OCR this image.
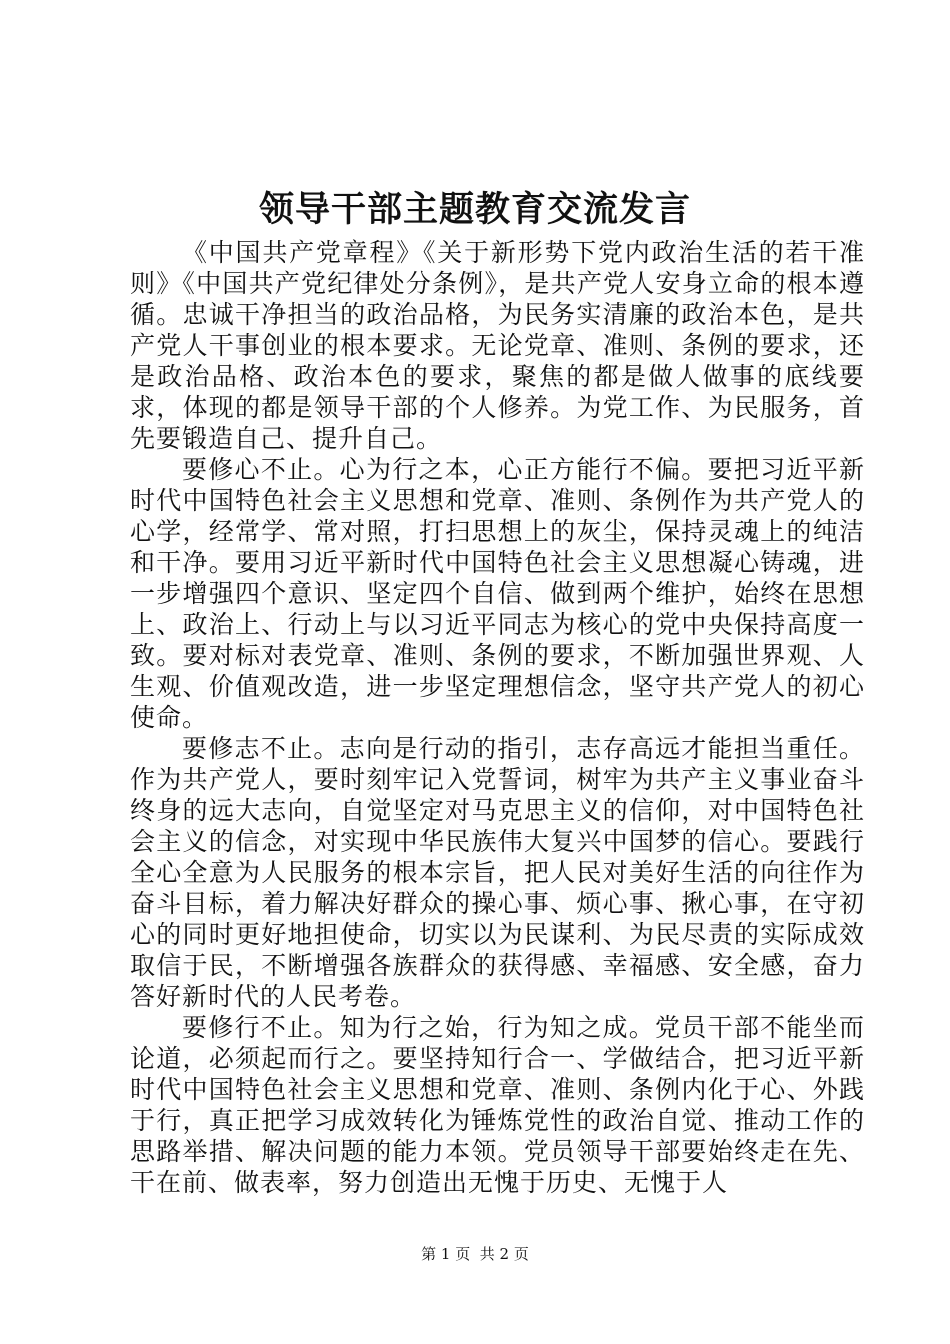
领导干部主题教育交流发言

《中国共产党章程》《关于新形势下党内政治生活的若干准则》《中国共产党纪律处分条例》，是共产党人安身立命的根本遵循。忠诚干净担当的政治品格，为民务实清廉的政治本色，是共产党人干事创业的根本要求。无论党章、准则、条例的要求，还是政治品格、政治本色的要求，聚焦的都是做人做事的底线要求，体现的都是领导干部的个人修养。为党工作、为民服务，首先要锻造自己、提升自己。

要修心不止。心为行之本，心正方能行不偏。要把习近平新时代中国特色社会主义思想和党章、准则、条例作为共产党人的心学，经常学、常对照，打扫思想上的灰尘，保持灵魂上的纯洁和干净。要用习近平新时代中国特色社会主义思想凝心铸魂，进一步增强四个意识、坚定四个自信、做到两个维护，始终在思想上、政治上、行动上与以习近平同志为核心的党中央保持高度一致。要对标对表党章、准则、条例的要求，不断加强世界观、人生观、价值观改造，进一步坚定理想信念，坚守共产党人的初心使命。

要修志不止。志向是行动的指引，志存高远才能担当重任。作为共产党人，要时刻牢记入党誓词，树牢为共产主义事业奋斗终身的远大志向，自觉坚定对马克思主义的信仰，对中国特色社会主义的信念，对实现中华民族伟大复兴中国梦的信心。要践行全心全意为人民服务的根本宗旨，把人民对美好生活的向往作为奋斗目标，着力解决好群众的操心事、烦心事、揪心事，在守初心的同时更好地担使命，切实以为民谋利、为民尽责的实际成效取信于民，不断增强各族群众的获得感、幸福感、安全感，奋力答好新时代的人民考卷。

要修行不止。知为行之始，行为知之成。党员干部不能坐而论道，必须起而行之。要坚持知行合一、学做结合，把习近平新时代中国特色社会主义思想和党章、准则、条例内化于心、外践于行，真正把学习成效转化为锤炼党性的政治自觉、推动工作的思路举措、解决问题的能力本领。党员领导干部要始终走在先、干在前、做表率，努力创造出无愧于历史、无愧于人

第 1 页  共 2 页
